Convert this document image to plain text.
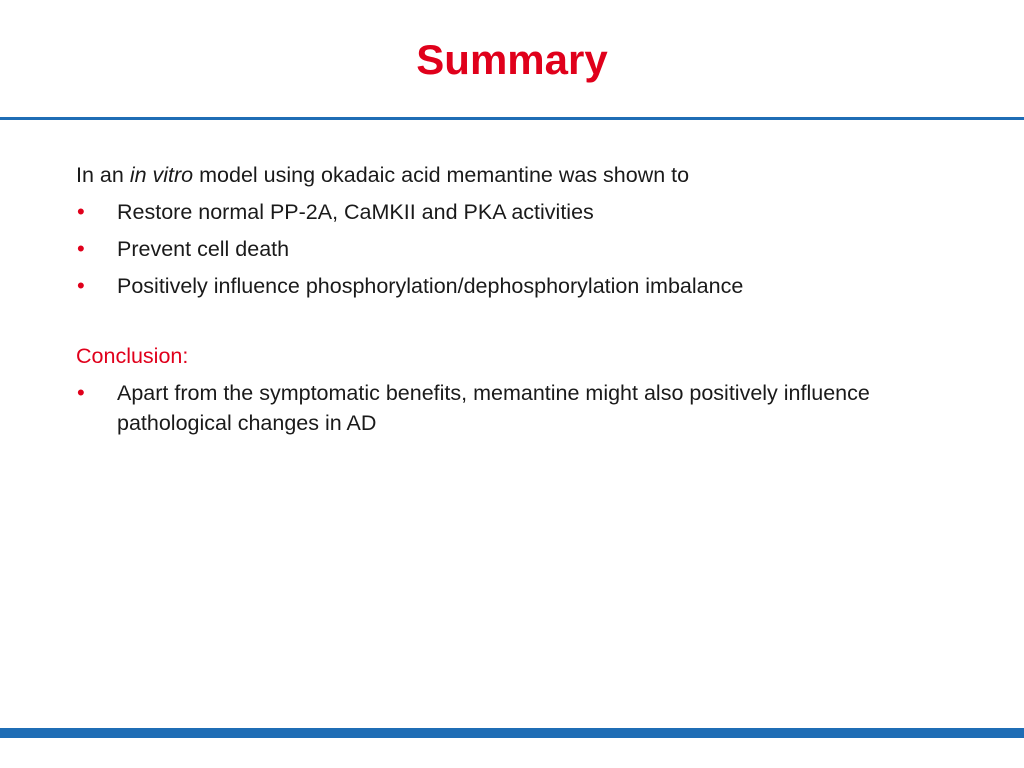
Summary

In an in vitro model using okadaic acid memantine was shown to

• Restore normal PP-2A, CaMKII and PKA activities
• Prevent cell death
• Positively influence phosphorylation/dephosphorylation imbalance

Conclusion:

• Apart from the symptomatic benefits, memantine might also positively influence pathological changes in AD
